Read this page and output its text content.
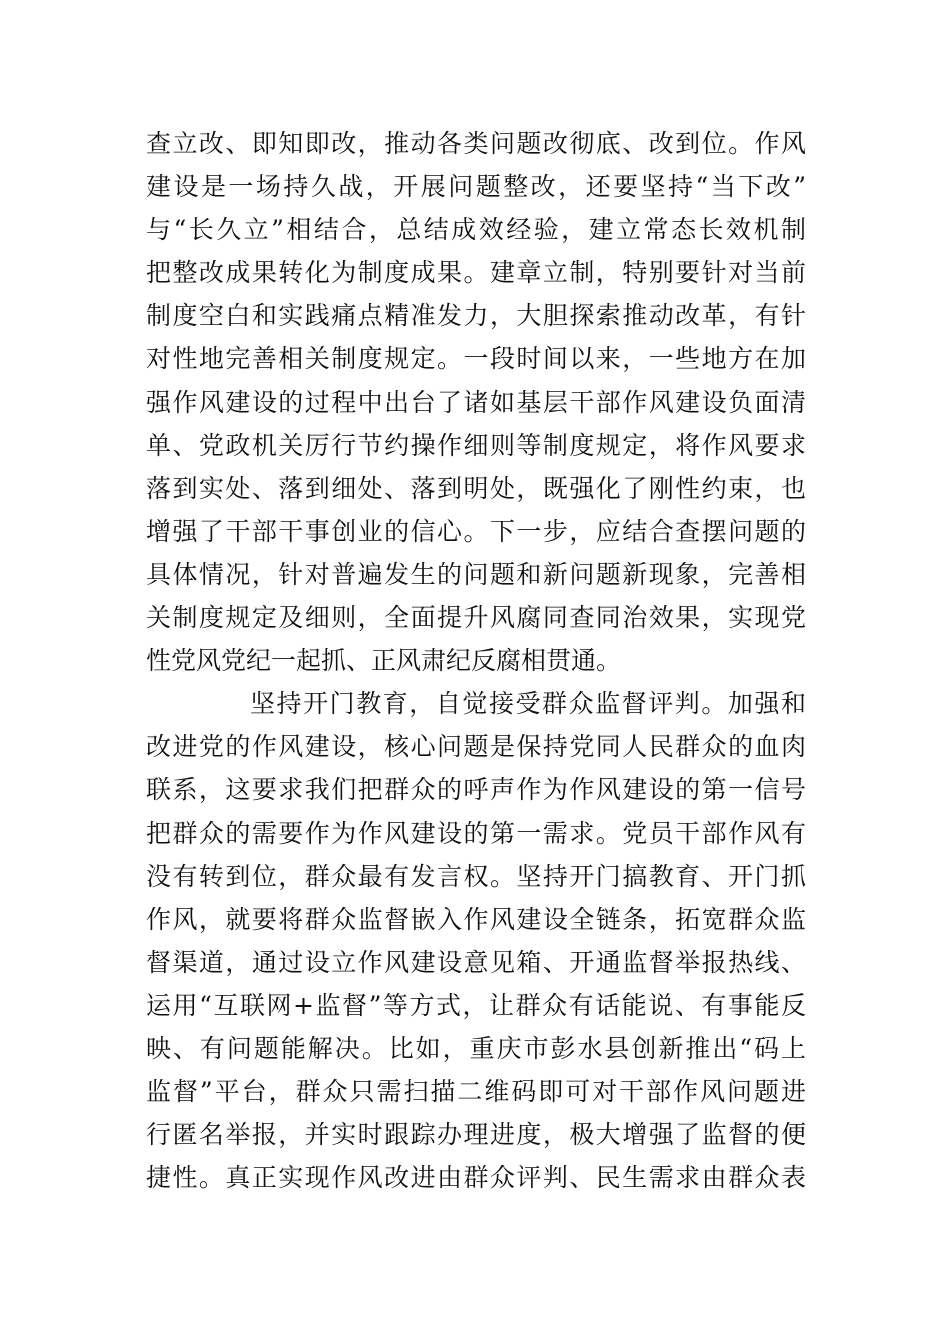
查立改、即知即改，推动各类问题改彻底、改到位。作风
建设是一场持久战，开展问题整改，还要坚持“当下改”
与“长久立”相结合，总结成效经验，建立常态长效机制
把整改成果转化为制度成果。建章立制，特别要针对当前
制度空白和实践痛点精准发力，大胆探索推动改革，有针
对性地完善相关制度规定。一段时间以来，一些地方在加
强作风建设的过程中出台了诸如基层干部作风建设负面清
单、党政机关厉行节约操作细则等制度规定，将作风要求
落到实处、落到细处、落到明处，既强化了刚性约束，也
增强了干部干事创业的信心。下一步，应结合查摆问题的
具体情况，针对普遍发生的问题和新问题新现象，完善相
关制度规定及细则，全面提升风腐同查同治效果，实现党
性党风党纪一起抓、正风肃纪反腐相贯通。
坚持开门教育，自觉接受群众监督评判。加强和
改进党的作风建设，核心问题是保持党同人民群众的血肉
联系，这要求我们把群众的呼声作为作风建设的第一信号
把群众的需要作为作风建设的第一需求。党员干部作风有
没有转到位，群众最有发言权。坚持开门搞教育、开门抓
作风，就要将群众监督嵌入作风建设全链条，拓宽群众监
督渠道，通过设立作风建设意见箱、开通监督举报热线、
运用“互联网+监督”等方式，让群众有话能说、有事能反
映、有问题能解决。比如，重庆市彭水县创新推出“码上
监督”平台，群众只需扫描二维码即可对干部作风问题进
行匿名举报，并实时跟踪办理进度，极大增强了监督的便
捷性。真正实现作风改进由群众评判、民生需求由群众表
